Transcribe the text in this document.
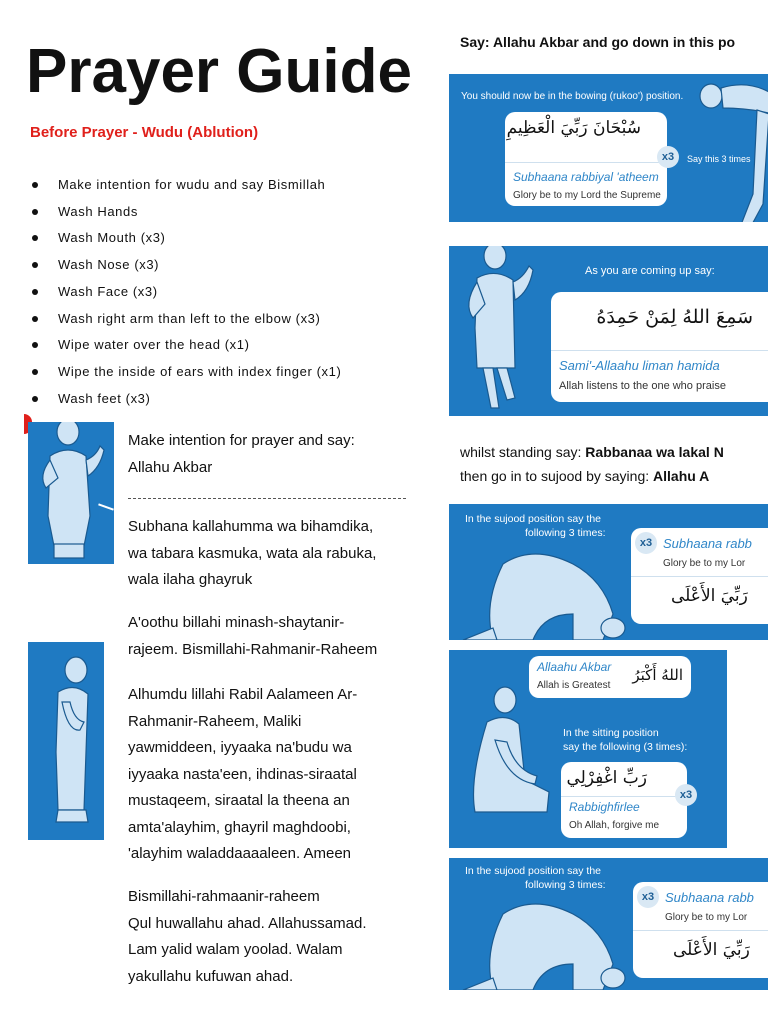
Prayer Guide
Before Prayer - Wudu (Ablution)
Make intention for wudu and say Bismillah
Wash Hands
Wash Mouth (x3)
Wash Nose (x3)
Wash Face (x3)
Wash right arm than left to the elbow (x3)
Wipe water over the head (x1)
Wipe the inside of ears with index finger (x1)
Wash feet (x3)
Make intention for prayer and say:
Allahu Akbar
Subhana kallahumma wa bihamdika,
wa tabara kasmuka, wata ala rabuka,
wala ilaha ghayruk
A'oothu billahi minash-shaytanir-
rajeem. Bismillahi-Rahmanir-Raheem
Alhumdu lillahi Rabil Aalameen Ar-
Rahmanir-Raheem, Maliki
yawmiddeen, iyyaaka na'budu wa
iyyaaka nasta'een, ihdinas-siraatal
mustaqeem, siraatal la theena an
amta'alayhim, ghayril maghdoobi,
'alayhim waladdaaaaleen. Ameen
Bismillahi-rahmaanir-raheem
Qul huwallahu ahad. Allahussamad.
Lam yalid walam yoolad. Walam
yakullahu kufuwan ahad.
Say: Allahu Akbar and go down in this po
You should now be in the bowing (rukoo') position.
سُبْحَانَ رَبِّيَ الْعَظِيمِ
Subhaana rabbiyal 'atheem
Glory be to my Lord the Supreme
x3	Say this 3 times
As you are coming up say:
سَمِعَ اللهُ لِمَنْ حَمِدَهُ
Sami'-Allaahu liman hamida
Allah listens to the one who praise
whilst standing say: Rabbanaa wa lakal N
then go in to sujood by saying: Allahu A
In the sujood position say the
following 3 times:
Subhaana rabb
Glory be to my Lor
رَبِّيَ الأَعْلَى
x3
Allaahu Akbar
Allah is Greatest
اللهُ أَكْبَرُ
In the sitting position
say the following (3 times):
رَبِّ اغْفِرْلِي
Rabbighfirlee
Oh Allah, forgive me
x3
In the sujood position say the
following 3 times:
Subhaana rabb
Glory be to my Lor
رَبِّيَ الأَعْلَى
x3
